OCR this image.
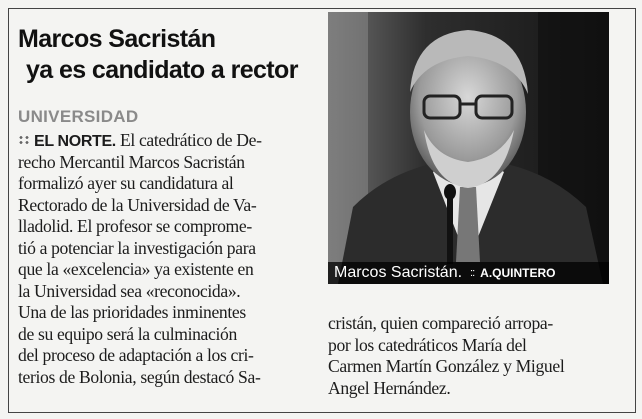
Marcos Sacristán
ya es candidato a rector
UNIVERSIDAD
EL NORTE. El catedrático de De-
recho Mercantil Marcos Sacristán
formalizó ayer su candidatura al
Rectorado de la Universidad de Va-
lladolid. El profesor se comprome-
tió a potenciar la investigación para
que la «excelencia» ya existente en
la Universidad sea «reconocida».
Una de las prioridades inminentes
de su equipo será la culminación
del proceso de adaptación a los cri-
terios de Bolonia, según destacó Sa-
Marcos Sacristán. :: A.QUINTERO
cristán, quien compareció arropa-
por los catedráticos María del
Carmen Martín González y Miguel
Angel Hernández.
